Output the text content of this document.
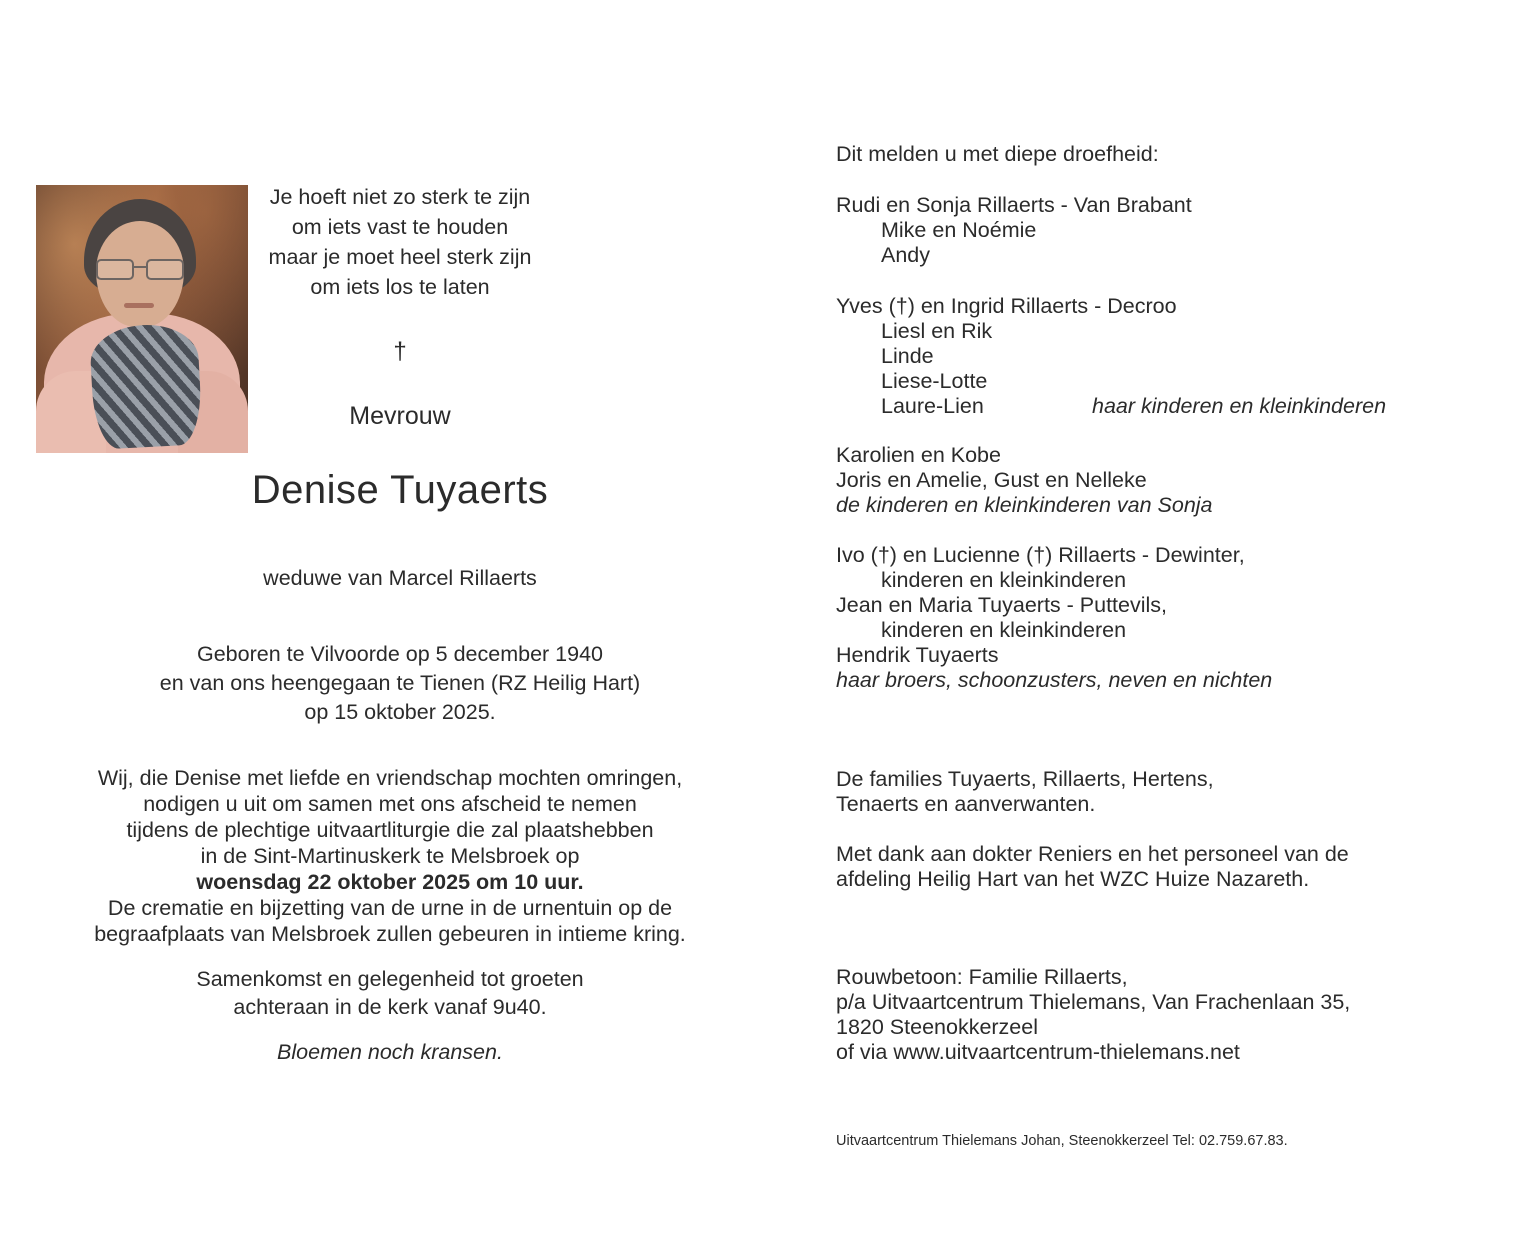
Je hoeft niet zo sterk te zijn
om iets vast te houden
maar je moet heel sterk zijn
om iets los te laten
†
Mevrouw
Denise Tuyaerts
weduwe van Marcel Rillaerts
Geboren te Vilvoorde op 5 december 1940
en van ons heengegaan te Tienen (RZ Heilig Hart)
op 15 oktober 2025.
Wij, die Denise met liefde en vriendschap mochten omringen,
nodigen u uit om samen met ons afscheid te nemen
tijdens de plechtige uitvaartliturgie die zal plaatshebben
in de Sint-Martinuskerk te Melsbroek op
woensdag 22 oktober 2025 om 10 uur.
De crematie en bijzetting van de urne in de urnentuin op de
begraafplaats van Melsbroek zullen gebeuren in intieme kring.
Samenkomst en gelegenheid tot groeten
achteraan in de kerk vanaf 9u40.
Bloemen noch kransen.
Dit melden u met diepe droefheid:
Rudi en Sonja Rillaerts - Van Brabant
Mike en Noémie
Andy
Yves (†) en Ingrid Rillaerts - Decroo
Liesl en Rik
Linde
Liese-Lotte
Laure-Lien	haar kinderen en kleinkinderen
Karolien en Kobe
Joris en Amelie, Gust en Nelleke
de kinderen en kleinkinderen van Sonja
Ivo (†) en Lucienne (†) Rillaerts - Dewinter,
kinderen en kleinkinderen
Jean en Maria Tuyaerts - Puttevils,
kinderen en kleinkinderen
Hendrik Tuyaerts
haar broers, schoonzusters, neven en nichten
De families Tuyaerts, Rillaerts, Hertens,
Tenaerts en aanverwanten.
Met dank aan dokter Reniers en het personeel van de
afdeling Heilig Hart van het WZC Huize Nazareth.
Rouwbetoon: Familie Rillaerts,
p/a Uitvaartcentrum Thielemans, Van Frachenlaan 35,
1820 Steenokkerzeel
of via www.uitvaartcentrum-thielemans.net
Uitvaartcentrum Thielemans Johan, Steenokkerzeel Tel: 02.759.67.83.
